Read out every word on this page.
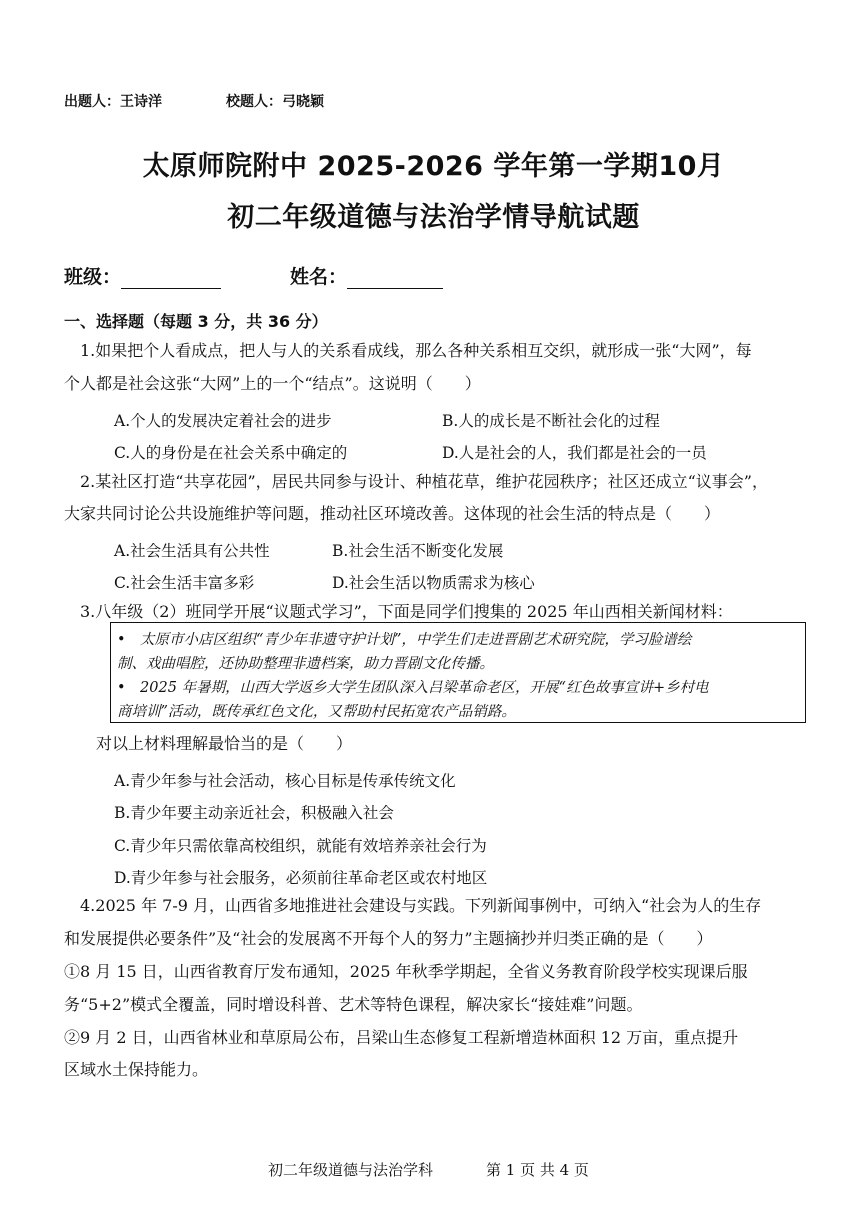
出题人：王诗洋	校题人：弓晓颖
太原师院附中 2025-2026 学年第一学期10月
初二年级道德与法治学情导航试题
班级：	姓名：
一、选择题（每题 3 分，共 36 分）
1.如果把个人看成点，把人与人的关系看成线，那么各种关系相互交织，就形成一张“大网”，每
个人都是社会这张“大网”上的一个“结点”。这说明（　　）
A.个人的发展决定着社会的进步	B.人的成长是不断社会化的过程
C.人的身份是在社会关系中确定的	D.人是社会的人，我们都是社会的一员
2.某社区打造“共享花园”，居民共同参与设计、种植花草，维护花园秩序；社区还成立“议事会”，
大家共同讨论公共设施维护等问题，推动社区环境改善。这体现的社会生活的特点是（　　）
A.社会生活具有公共性	B.社会生活不断变化发展
C.社会生活丰富多彩	D.社会生活以物质需求为核心
3.八年级（2）班同学开展“议题式学习”，下面是同学们搜集的 2025 年山西相关新闻材料：
•　太原市小店区组织“青少年非遗守护计划”，中学生们走进晋剧艺术研究院，学习脸谱绘
制、戏曲唱腔，还协助整理非遗档案，助力晋剧文化传播。
•　2025 年暑期，山西大学返乡大学生团队深入吕梁革命老区，开展“红色故事宣讲+乡村电
商培训”活动，既传承红色文化，又帮助村民拓宽农产品销路。
对以上材料理解最恰当的是（　　）
A.青少年参与社会活动，核心目标是传承传统文化
B.青少年要主动亲近社会，积极融入社会
C.青少年只需依靠高校组织，就能有效培养亲社会行为
D.青少年参与社会服务，必须前往革命老区或农村地区
4.2025 年 7-9 月，山西省多地推进社会建设与实践。下列新闻事例中，可纳入“社会为人的生存
和发展提供必要条件”及“社会的发展离不开每个人的努力”主题摘抄并归类正确的是（　　）
①8 月 15 日，山西省教育厅发布通知，2025 年秋季学期起，全省义务教育阶段学校实现课后服
务“5+2”模式全覆盖，同时增设科普、艺术等特色课程，解决家长“接娃难”问题。
②9 月 2 日，山西省林业和草原局公布，吕梁山生态修复工程新增造林面积 12 万亩，重点提升
区域水土保持能力。
初二年级道德与法治学科	第 1 页 共 4 页
